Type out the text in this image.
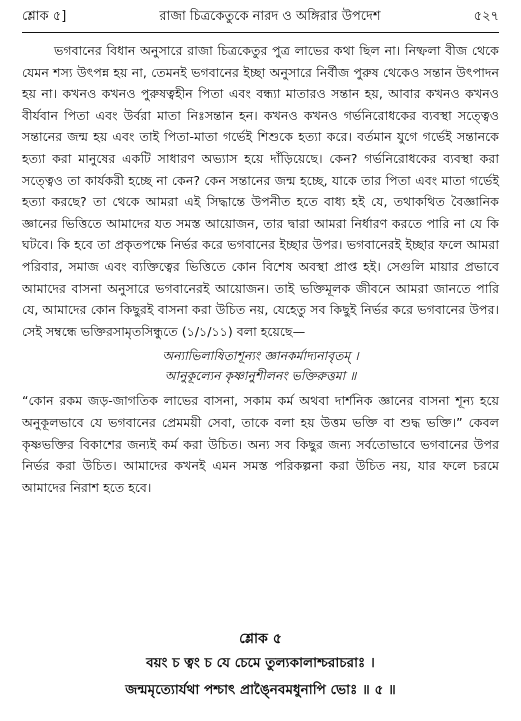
শ্লোক ৫]	রাজা চিত্রকেতুকে নারদ ও অঙ্গিরার উপদেশ	৫২৭

ভগবানের বিধান অনুসারে রাজা চিত্রকেতুর পুত্র লাভের কথা ছিল না। নিষ্ফলা বীজ থেকে যেমন শস্য উৎপন্ন হয় না, তেমনই ভগবানের ইচ্ছা অনুসারে নির্বীজ পুরুষ থেকেও সন্তান উৎপাদন হয় না। কখনও কখনও পুরুষত্বহীন পিতা এবং বন্ধ্যা মাতারও সন্তান হয়, আবার কখনও কখনও বীর্যবান পিতা এবং উর্বরা মাতা নিঃসন্তান হন। কখনও কখনও গর্ভনিরোধকের ব্যবস্থা সত্ত্বেও সন্তানের জন্ম হয় এবং তাই পিতা-মাতা গর্ভেই শিশুকে হত্যা করে। বর্তমান যুগে গর্ভেই সন্তানকে হত্যা করা মানুষের একটি সাধারণ অভ্যাস হয়ে দাঁড়িয়েছে। কেন? গর্ভনিরোধকের ব্যবস্থা করা সত্ত্বেও তা কার্যকরী হচ্ছে না কেন? কেন সন্তানের জন্ম হচ্ছে, যাকে তার পিতা এবং মাতা গর্ভেই হত্যা করছে? তা থেকে আমরা এই সিদ্ধান্তে উপনীত হতে বাধ্য হই যে, তথাকথিত বৈজ্ঞানিক জ্ঞানের ভিত্তিতে আমাদের যত সমস্ত আয়োজন, তার দ্বারা আমরা নির্ধারণ করতে পারি না যে কি ঘটবে। কি হবে তা প্রকৃতপক্ষে নির্ভর করে ভগবানের ইচ্ছার উপর। ভগবানেরই ইচ্ছার ফলে আমরা পরিবার, সমাজ এবং ব্যক্তিত্বের ভিত্তিতে কোন বিশেষ অবস্থা প্রাপ্ত হই। সেগুলি মায়ার প্রভাবে আমাদের বাসনা অনুসারে ভগবানেরই আয়োজন। তাই ভক্তিমূলক জীবনে আমরা জানতে পারি যে, আমাদের কোন কিছুরই বাসনা করা উচিত নয়, যেহেতু সব কিছুই নির্ভর করে ভগবানের উপর। সেই সম্বন্ধে ভক্তিরসামৃতসিন্ধুতে (১/১/১১) বলা হয়েছে—

অন্যাভিলাষিতাশূন্যং জ্ঞানকর্মাদ্যনাবৃতম্ ।
আনুকূল্যেন কৃষ্ণানুশীলনং ভক্তিরুত্তমা ॥

“কোন রকম জড়-জাগতিক লাভের বাসনা, সকাম কর্ম অথবা দার্শনিক জ্ঞানের বাসনা শূন্য হয়ে অনুকূলভাবে যে ভগবানের প্রেমময়ী সেবা, তাকে বলা হয় উত্তম ভক্তি বা শুদ্ধ ভক্তি।” কেবল কৃষ্ণভক্তির বিকাশের জন্যই কর্ম করা উচিত। অন্য সব কিছুর জন্য সর্বতোভাবে ভগবানের উপর নির্ভর করা উচিত। আমাদের কখনই এমন সমস্ত পরিকল্পনা করা উচিত নয়, যার ফলে চরমে আমাদের নিরাশ হতে হবে।

শ্লোক ৫
বয়ং চ ত্বং চ যে চেমে তুল্যকালাশ্চরাচরাঃ ।
জন্মমৃত্যোর্যথা পশ্চাৎ প্রাঙ্নৈবমধুনাপি ভোঃ ॥ ৫ ॥
